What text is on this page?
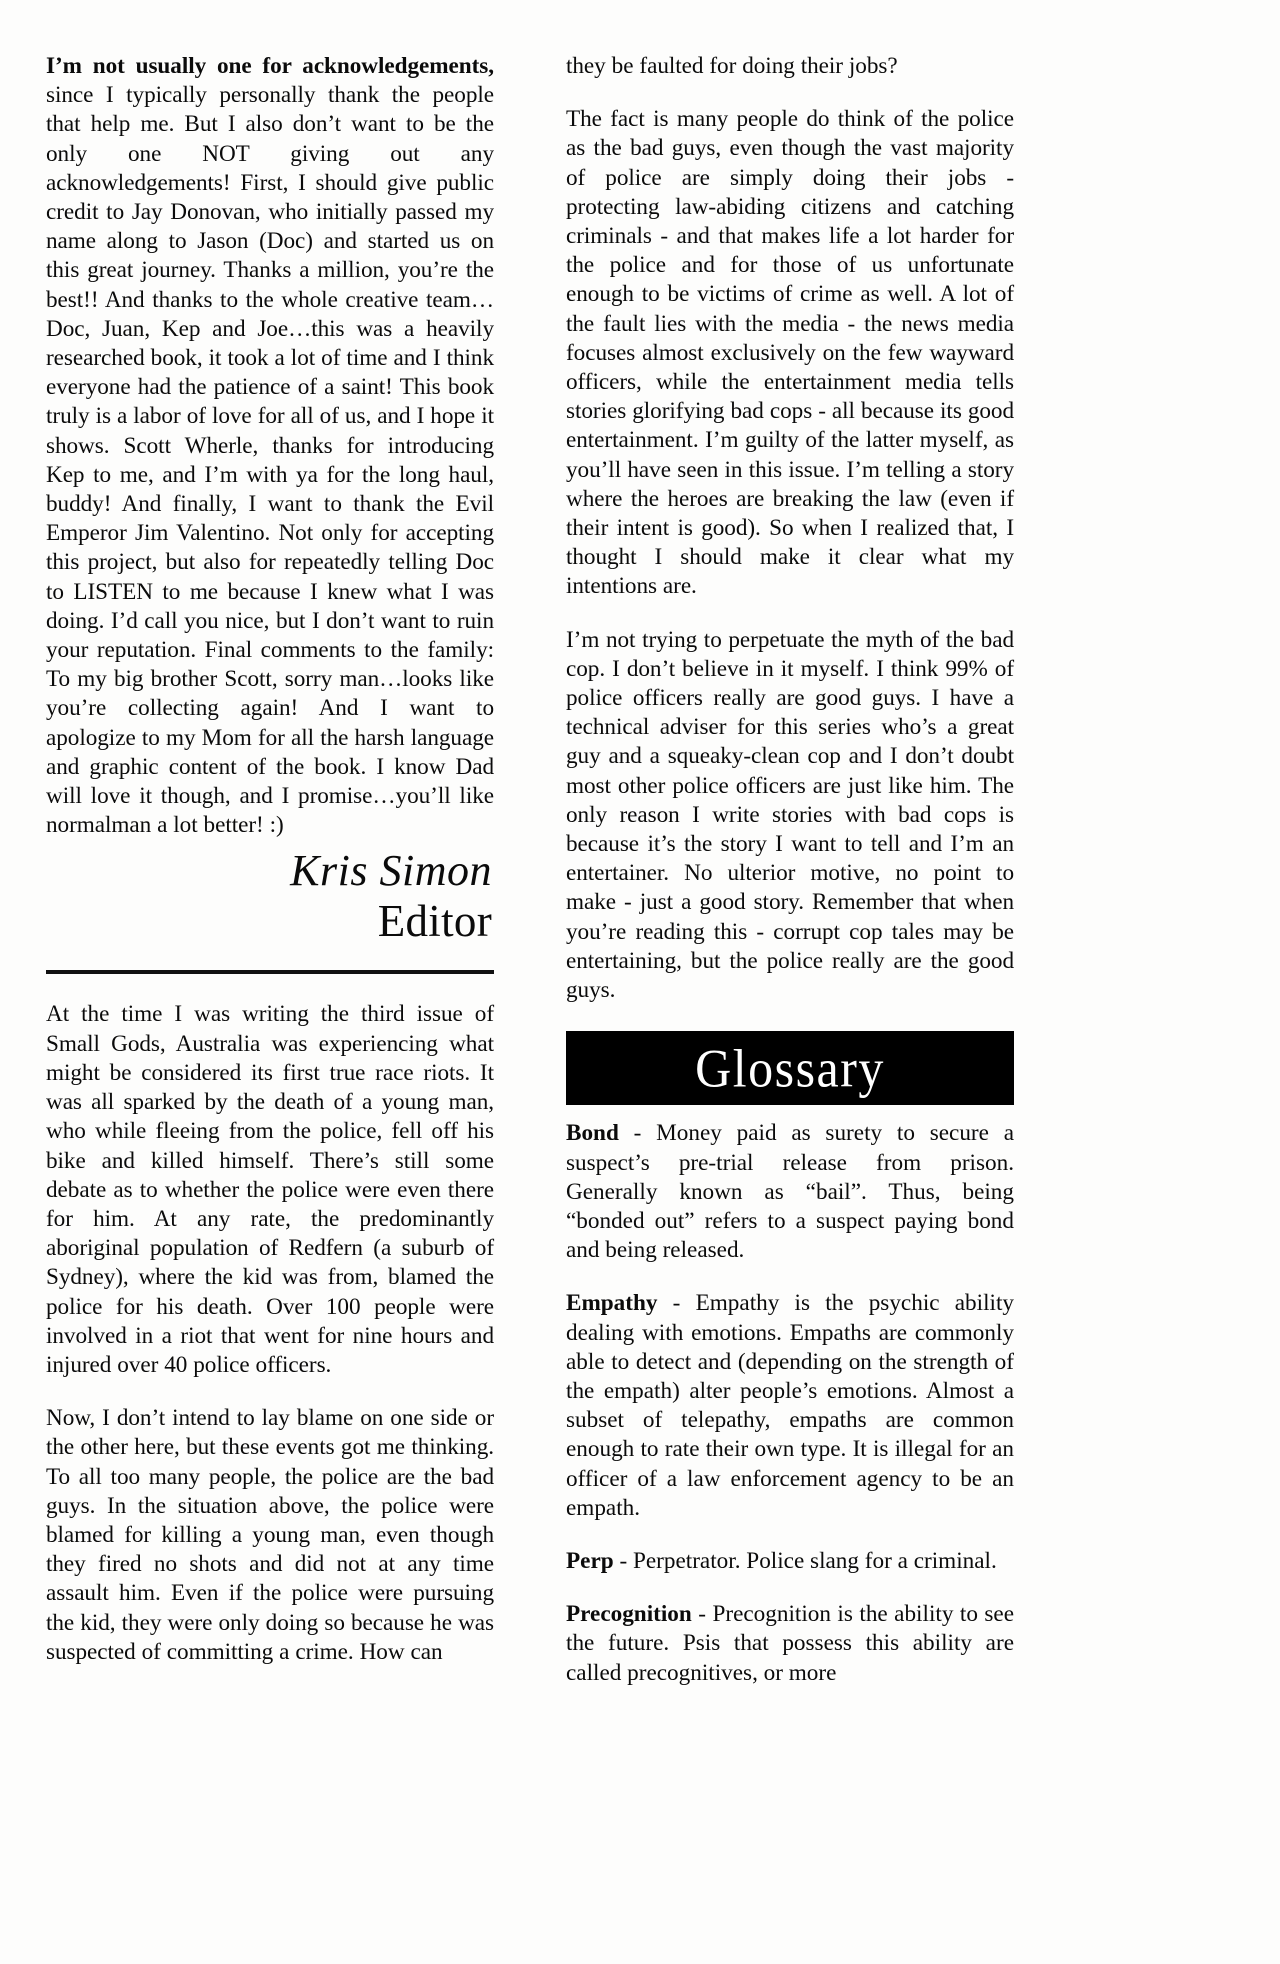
I’m not usually one for acknowledgements, since I typically personally thank the people that help me. But I also don’t want to be the only one NOT giving out any acknowledgements! First, I should give public credit to Jay Donovan, who initially passed my name along to Jason (Doc) and started us on this great journey. Thanks a million, you’re the best!! And thanks to the whole creative team…Doc, Juan, Kep and Joe…this was a heavily researched book, it took a lot of time and I think everyone had the patience of a saint! This book truly is a labor of love for all of us, and I hope it shows. Scott Wherle, thanks for introducing Kep to me, and I’m with ya for the long haul, buddy! And finally, I want to thank the Evil Emperor Jim Valentino. Not only for accepting this project, but also for repeatedly telling Doc to LISTEN to me because I knew what I was doing. I’d call you nice, but I don’t want to ruin your reputation. Final comments to the family: To my big brother Scott, sorry man…looks like you’re collecting again! And I want to apologize to my Mom for all the harsh language and graphic content of the book. I know Dad will love it though, and I promise…you’ll like normalman a lot better! :)

Kris Simon
Editor

At the time I was writing the third issue of Small Gods, Australia was experiencing what might be considered its first true race riots. It was all sparked by the death of a young man, who while fleeing from the police, fell off his bike and killed himself. There’s still some debate as to whether the police were even there for him. At any rate, the predominantly aboriginal population of Redfern (a suburb of Sydney), where the kid was from, blamed the police for his death. Over 100 people were involved in a riot that went for nine hours and injured over 40 police officers.

Now, I don’t intend to lay blame on one side or the other here, but these events got me thinking. To all too many people, the police are the bad guys. In the situation above, the police were blamed for killing a young man, even though they fired no shots and did not at any time assault him. Even if the police were pursuing the kid, they were only doing so because he was suspected of committing a crime. How can

they be faulted for doing their jobs?

The fact is many people do think of the police as the bad guys, even though the vast majority of police are simply doing their jobs - protecting law-abiding citizens and catching criminals - and that makes life a lot harder for the police and for those of us unfortunate enough to be victims of crime as well. A lot of the fault lies with the media - the news media focuses almost exclusively on the few wayward officers, while the entertainment media tells stories glorifying bad cops - all because its good entertainment. I’m guilty of the latter myself, as you’ll have seen in this issue. I’m telling a story where the heroes are breaking the law (even if their intent is good). So when I realized that, I thought I should make it clear what my intentions are.

I’m not trying to perpetuate the myth of the bad cop. I don’t believe in it myself. I think 99% of police officers really are good guys. I have a technical adviser for this series who’s a great guy and a squeaky-clean cop and I don’t doubt most other police officers are just like him. The only reason I write stories with bad cops is because it’s the story I want to tell and I’m an entertainer. No ulterior motive, no point to make - just a good story. Remember that when you’re reading this - corrupt cop tales may be entertaining, but the police really are the good guys.

Glossary

Bond - Money paid as surety to secure a suspect’s pre-trial release from prison. Generally known as “bail”. Thus, being “bonded out” refers to a suspect paying bond and being released.

Empathy - Empathy is the psychic ability dealing with emotions. Empaths are commonly able to detect and (depending on the strength of the empath) alter people’s emotions. Almost a subset of telepathy, empaths are common enough to rate their own type. It is illegal for an officer of a law enforcement agency to be an empath.

Perp - Perpetrator. Police slang for a criminal.

Precognition - Precognition is the ability to see the future. Psis that possess this ability are called precognitives, or more
